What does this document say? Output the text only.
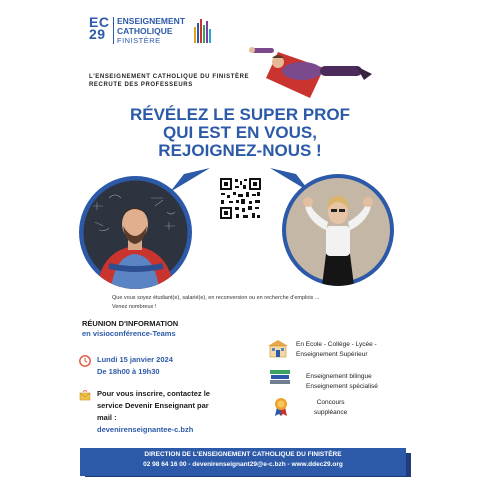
EC
29
ENSEIGNEMENT
CATHOLIQUE
FINISTÈRE
L'ENSEIGNEMENT CATHOLIQUE DU FINISTÈRE
RECRUTE DES PROFESSEURS
RÉVÉLEZ LE SUPER PROF
QUI EST EN VOUS,
REJOIGNEZ-NOUS !
Que vous soyez étudiant(e), salarié(e), en reconversion ou en recherche d'emplois ...
Venez nombreux !
RÉUNION D'INFORMATION
en visioconférence-Teams
Lundi 15 janvier 2024
De 18h00 à 19h30
Pour vous inscrire, contactez le
service Devenir Enseignant par
mail :
devenirenseignantee-c.bzh
En Ecole - Collège - Lycée -
Enseignement Supérieur
Enseignement bilingue
Enseignement spécialisé
Concours
suppléance
DIRECTION DE L'ENSEIGNEMENT CATHOLIQUE DU FINISTÈRE
02 98 64 16 00 - devenirenseignant29@e-c.bzh - www.ddec29.org
